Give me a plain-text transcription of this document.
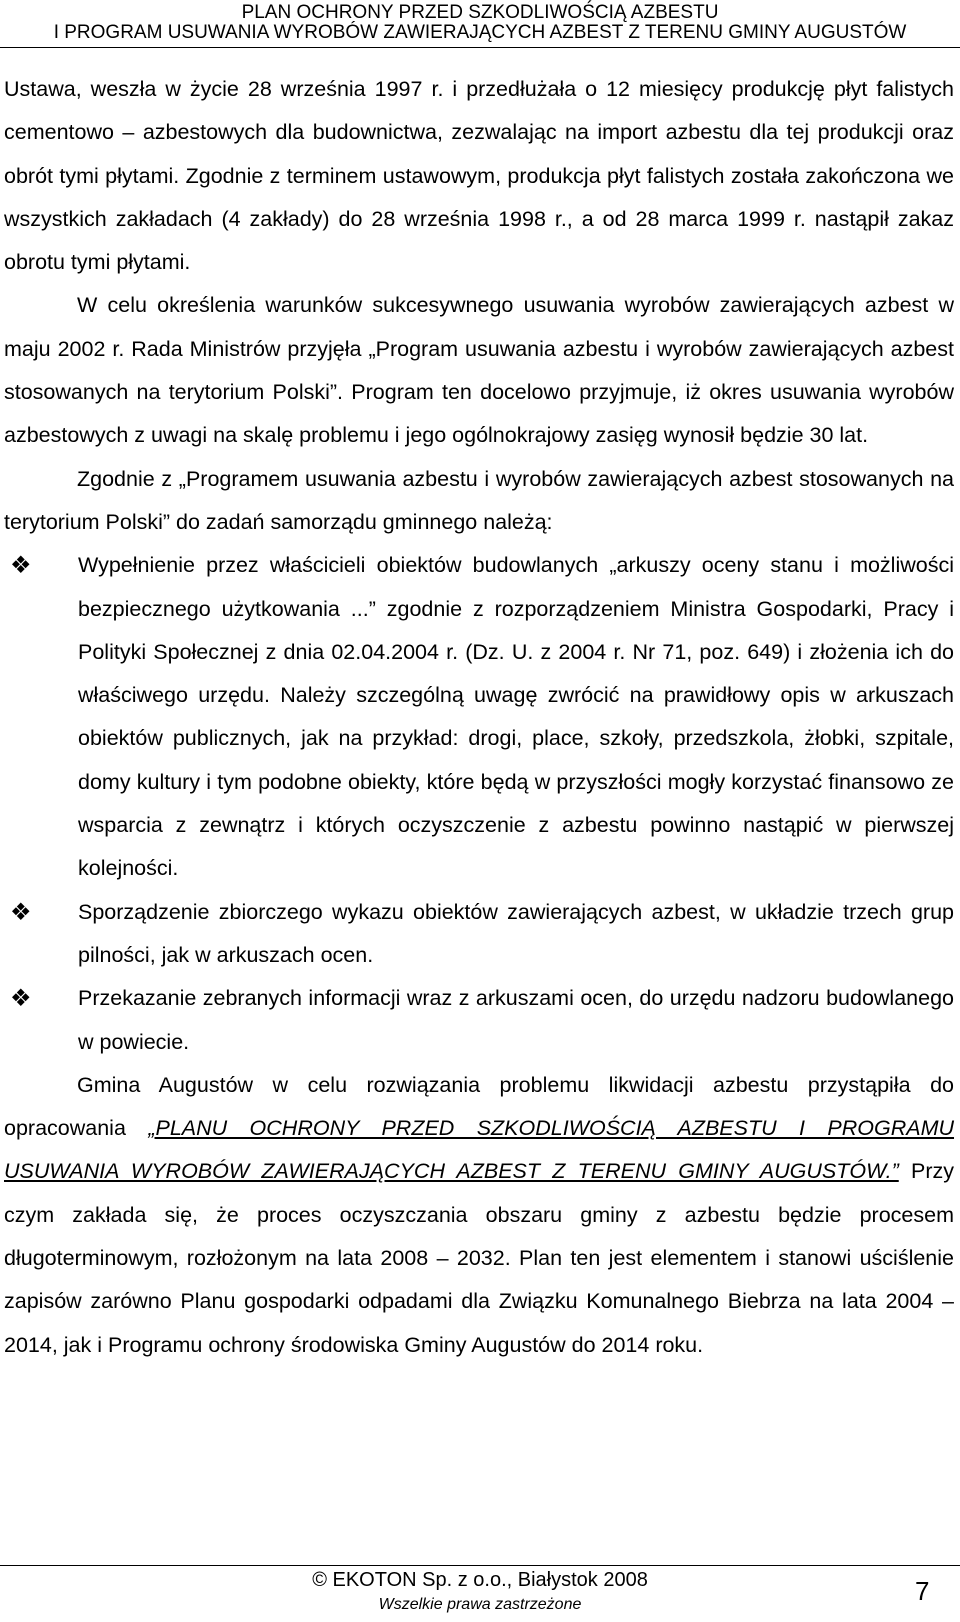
PLAN OCHRONY PRZED SZKODLIWOŚCIĄ AZBESTU
I PROGRAM USUWANIA WYROBÓW ZAWIERAJĄCYCH AZBEST Z TERENU GMINY AUGUSTÓW

Ustawa, weszła w życie 28 września 1997 r. i przedłużała o 12 miesięcy produkcję płyt falistych cementowo – azbestowych dla budownictwa, zezwalając na import azbestu dla tej produkcji oraz obrót tymi płytami. Zgodnie z terminem ustawowym, produkcja płyt falistych została zakończona we wszystkich zakładach (4 zakłady) do 28 września 1998 r., a od 28 marca 1999 r. nastąpił zakaz obrotu tymi płytami.

W celu określenia warunków sukcesywnego usuwania wyrobów zawierających azbest w maju 2002 r. Rada Ministrów przyjęła „Program usuwania azbestu i wyrobów zawierających azbest stosowanych na terytorium Polski”. Program ten docelowo przyjmuje, iż okres usuwania wyrobów azbestowych z uwagi na skalę problemu i jego ogólnokrajowy zasięg wynosił będzie 30 lat.

Zgodnie z „Programem usuwania azbestu i wyrobów zawierających azbest stosowanych na terytorium Polski” do zadań samorządu gminnego należą:

❖ Wypełnienie przez właścicieli obiektów budowlanych „arkuszy oceny stanu i możliwości bezpiecznego użytkowania ...” zgodnie z rozporządzeniem Ministra Gospodarki, Pracy i Polityki Społecznej z dnia 02.04.2004 r. (Dz. U. z 2004 r. Nr 71, poz. 649) i złożenia ich do właściwego urzędu. Należy szczególną uwagę zwrócić na prawidłowy opis w arkuszach obiektów publicznych, jak na przykład: drogi, place, szkoły, przedszkola, żłobki, szpitale, domy kultury i tym podobne obiekty, które będą w przyszłości mogły korzystać finansowo ze wsparcia z zewnątrz i których oczyszczenie z azbestu powinno nastąpić w pierwszej kolejności.
❖ Sporządzenie zbiorczego wykazu obiektów zawierających azbest, w układzie trzech grup pilności, jak w arkuszach ocen.
❖ Przekazanie zebranych informacji wraz z arkuszami ocen, do urzędu nadzoru budowlanego w powiecie.

Gmina Augustów w celu rozwiązania problemu likwidacji azbestu przystąpiła do opracowania „PLANU OCHRONY PRZED SZKODLIWOŚCIĄ AZBESTU I PROGRAMU USUWANIA WYROBÓW ZAWIERAJĄCYCH AZBEST Z TERENU GMINY AUGUSTÓW.” Przy czym zakłada się, że proces oczyszczania obszaru gminy z azbestu będzie procesem długoterminowym, rozłożonym na lata 2008 – 2032. Plan ten jest elementem i stanowi uściślenie zapisów zarówno Planu gospodarki odpadami dla Związku Komunalnego Biebrza na lata 2004 – 2014, jak i Programu ochrony środowiska Gminy Augustów do 2014 roku.

© EKOTON Sp. z o.o., Białystok 2008
Wszelkie prawa zastrzeżone	7
